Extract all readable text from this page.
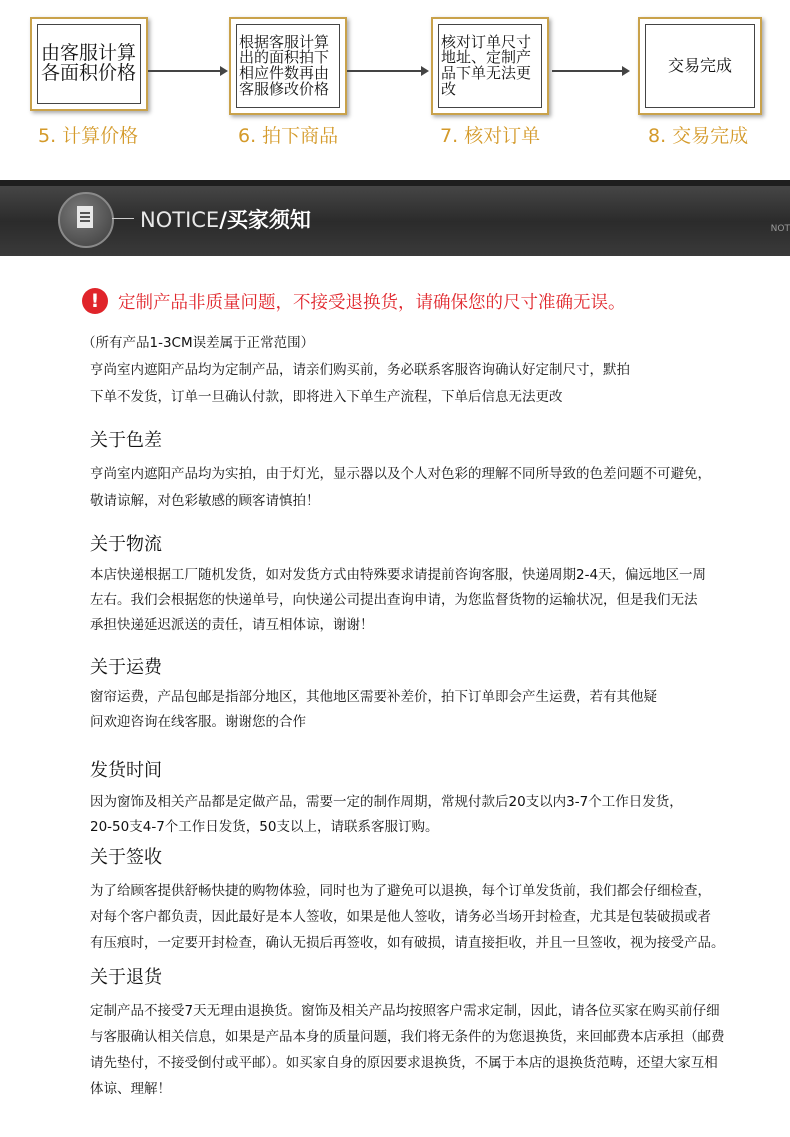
由客服计算各面积价格
根据客服计算出的面积拍下相应件数再由客服修改价格
核对订单尺寸地址、定制产品下单无法更改
交易完成
5. 计算价格	6. 拍下商品	7. 核对订单	8. 交易完成
NOTICE/买家须知	NOT
!	定制产品非质量问题，不接受退换货，请确保您的尺寸准确无误。
（所有产品1-3CM误差属于正常范围）
亨尚室内遮阳产品均为定制产品，请亲们购买前，务必联系客服咨询确认好定制尺寸，默拍
下单不发货，订单一旦确认付款，即将进入下单生产流程，下单后信息无法更改
关于色差
亨尚室内遮阳产品均为实拍，由于灯光，显示器以及个人对色彩的理解不同所导致的色差问题不可避免，
敬请谅解，对色彩敏感的顾客请慎拍！
关于物流
本店快递根据工厂随机发货，如对发货方式由特殊要求请提前咨询客服，快递周期2-4天，偏远地区一周
左右。我们会根据您的快递单号，向快递公司提出查询申请，为您监督货物的运输状况，但是我们无法
承担快递延迟派送的责任，请互相体谅，谢谢！
关于运费
窗帘运费，产品包邮是指部分地区，其他地区需要补差价，拍下订单即会产生运费，若有其他疑
问欢迎咨询在线客服。谢谢您的合作
发货时间
因为窗饰及相关产品都是定做产品，需要一定的制作周期，常规付款后20支以内3-7个工作日发货，
20-50支4-7个工作日发货，50支以上，请联系客服订购。
关于签收
为了给顾客提供舒畅快捷的购物体验，同时也为了避免可以退换，每个订单发货前，我们都会仔细检查，
对每个客户都负责，因此最好是本人签收，如果是他人签收，请务必当场开封检查，尤其是包装破损或者
有压痕时，一定要开封检查，确认无损后再签收，如有破损，请直接拒收，并且一旦签收，视为接受产品。
关于退货
定制产品不接受7天无理由退换货。窗饰及相关产品均按照客户需求定制，因此，请各位买家在购买前仔细
与客服确认相关信息，如果是产品本身的质量问题，我们将无条件的为您退换货，来回邮费本店承担（邮费
请先垫付，不接受倒付或平邮）。如买家自身的原因要求退换货，不属于本店的退换货范畴，还望大家互相
体谅、理解！
